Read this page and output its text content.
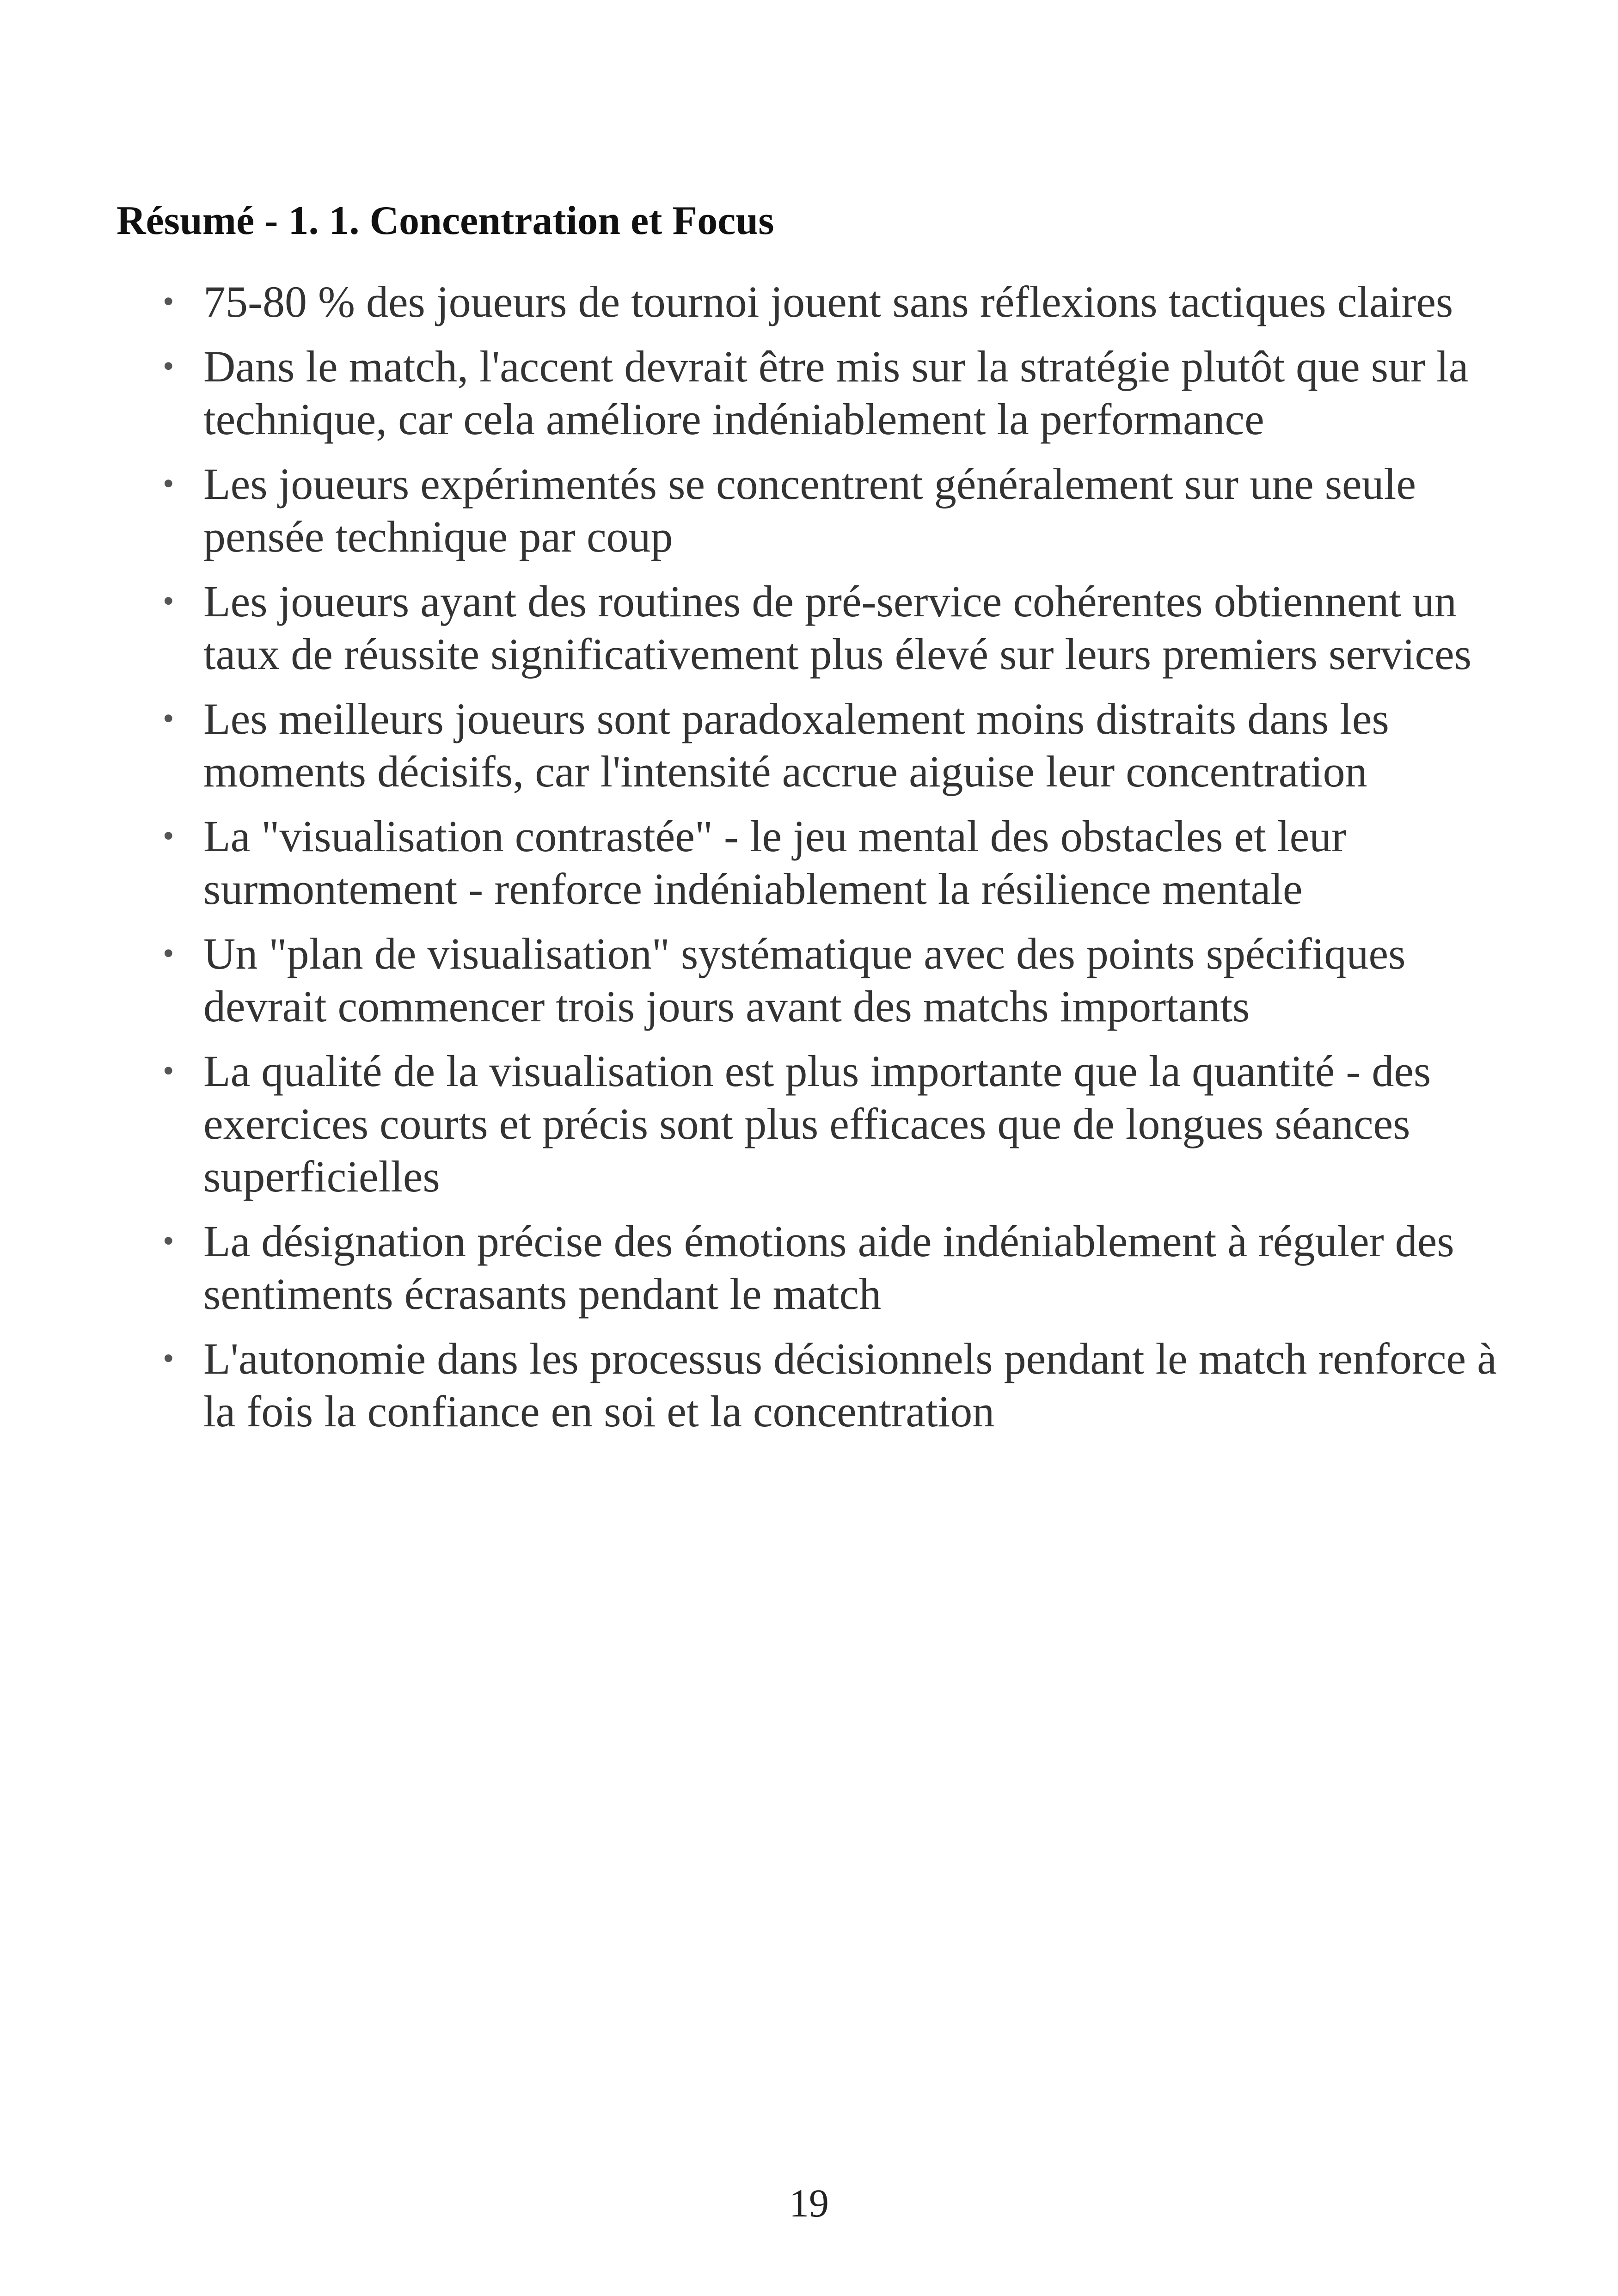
Résumé - 1. 1. Concentration et Focus
• 75-80 % des joueurs de tournoi jouent sans réflexions tactiques claires
• Dans le match, l'accent devrait être mis sur la stratégie plutôt que sur la technique, car cela améliore indéniablement la performance
• Les joueurs expérimentés se concentrent généralement sur une seule pensée technique par coup
• Les joueurs ayant des routines de pré-service cohérentes obtiennent un taux de réussite significativement plus élevé sur leurs premiers services
• Les meilleurs joueurs sont paradoxalement moins distraits dans les moments décisifs, car l'intensité accrue aiguise leur concentration
• La "visualisation contrastée" - le jeu mental des obstacles et leur surmontement - renforce indéniablement la résilience mentale
• Un "plan de visualisation" systématique avec des points spécifiques devrait commencer trois jours avant des matchs importants
• La qualité de la visualisation est plus importante que la quantité - des exercices courts et précis sont plus efficaces que de longues séances superficielles
• La désignation précise des émotions aide indéniablement à réguler des sentiments écrasants pendant le match
• L'autonomie dans les processus décisionnels pendant le match renforce à la fois la confiance en soi et la concentration
19
